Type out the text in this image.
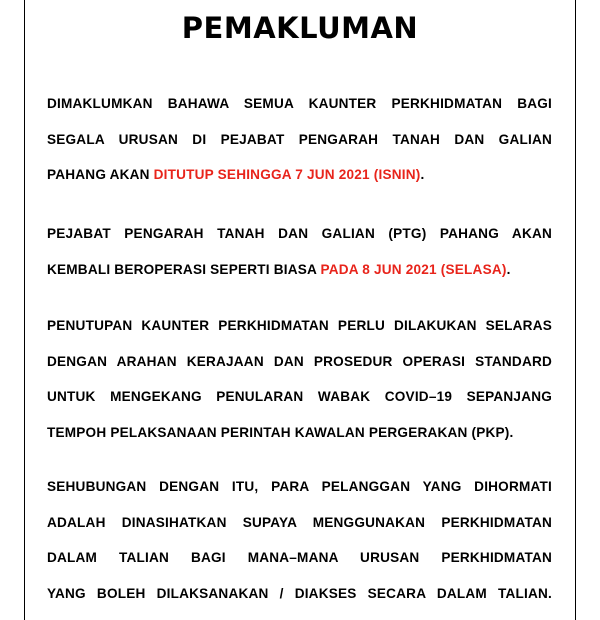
PEMAKLUMAN
DIMAKLUMKAN BAHAWA SEMUA KAUNTER PERKHIDMATAN BAGI
SEGALA URUSAN DI PEJABAT PENGARAH TANAH DAN GALIAN
PAHANG AKAN DITUTUP SEHINGGA 7 JUN 2021 (ISNIN).
PEJABAT PENGARAH TANAH DAN GALIAN (PTG) PAHANG AKAN
KEMBALI BEROPERASI SEPERTI BIASA PADA 8 JUN 2021 (SELASA).
PENUTUPAN KAUNTER PERKHIDMATAN PERLU DILAKUKAN SELARAS
DENGAN ARAHAN KERAJAAN DAN PROSEDUR OPERASI STANDARD
UNTUK MENGEKANG PENULARAN WABAK COVID–19 SEPANJANG
TEMPOH PELAKSANAAN PERINTAH KAWALAN PERGERAKAN (PKP).
SEHUBUNGAN DENGAN ITU, PARA PELANGGAN YANG DIHORMATI
ADALAH DINASIHATKAN SUPAYA MENGGUNAKAN PERKHIDMATAN
DALAM TALIAN BAGI MANA–MANA URUSAN PERKHIDMATAN
YANG BOLEH DILAKSANAKAN / DIAKSES SECARA DALAM TALIAN.
